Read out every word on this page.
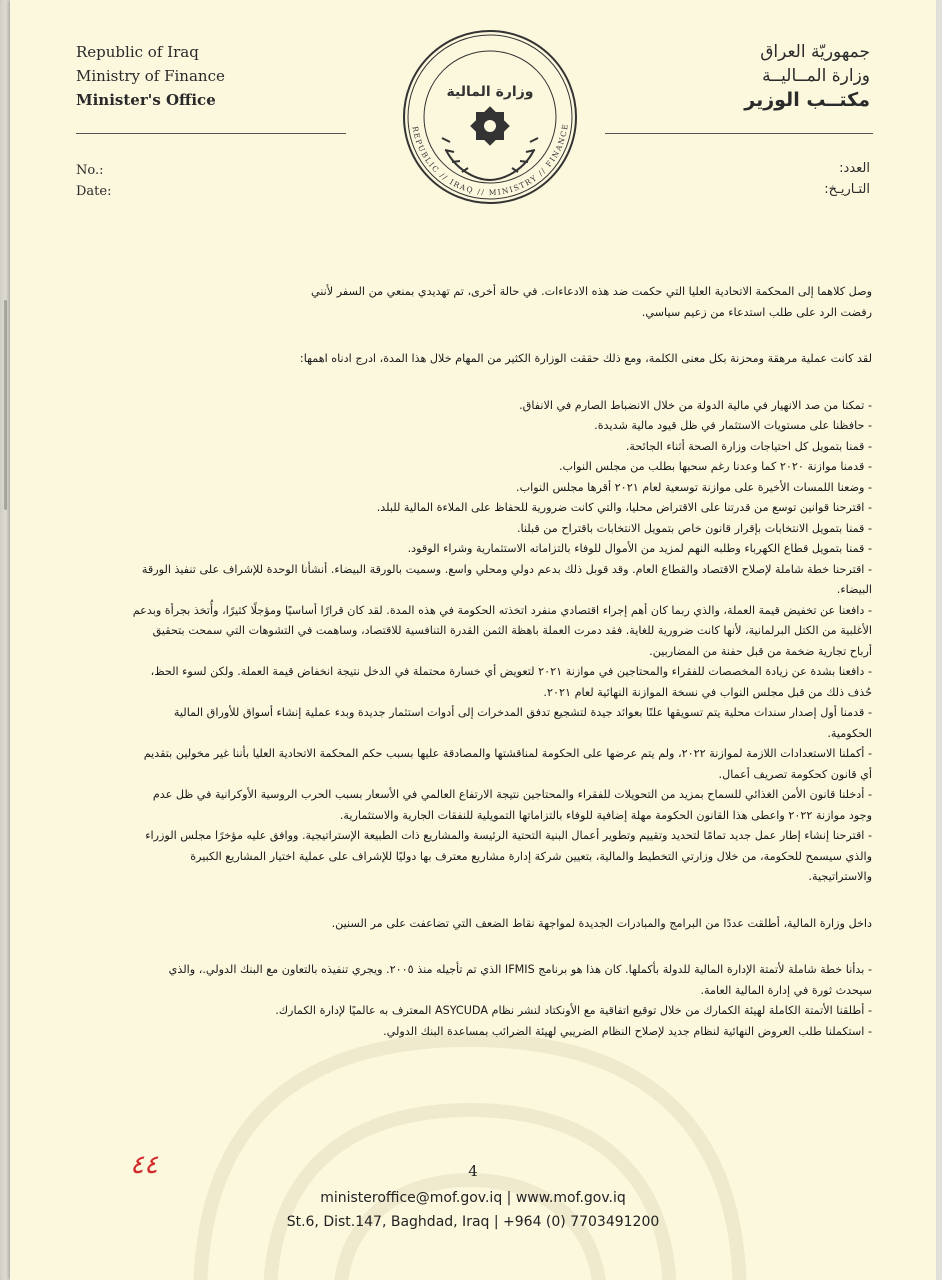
Republic of Iraq
Ministry of Finance
Minister's Office
جمهوريّة العراق
وزارة المــاليــة
مكتــب الوزير
REPUBLIC // IRAQ // MINISTRY // FINANCE
وزارة المالية
No.:
Date:
العدد:
التـاريـخ:

وصل كلاهما إلى المحكمة الاتحادية العليا التي حكمت ضد هذه الادعاءات. في حالة أخرى، تم تهديدي بمنعي من السفر لأنني

رفضت الرد على طلب استدعاء من زعيم سياسي.

لقد كانت عملية مرهقة ومحزنة بكل معنى الكلمة، ومع ذلك حققت الوزارة الكثير من المهام خلال هذا المدة، ادرج ادناه اهمها:

- تمكنا من صد الانهيار في مالية الدولة من خلال الانضباط الصارم في الانفاق.

- حافظنا على مستويات الاستثمار في ظل قيود مالية شديدة.

- قمنا بتمويل كل احتياجات وزارة الصحة أثناء الجائحة.

- قدمنا موازنة ٢٠٢٠ كما وعدنا رغم سحبها بطلب من مجلس النواب.

- وضعنا اللمسات الأخيرة على موازنة توسعية لعام ٢٠٢١ أقرها مجلس النواب.

- اقترحنا قوانين توسع من قدرتنا على الاقتراض محليا، والتي كانت ضرورية للحفاظ على الملاءة المالية للبلد.

- قمنا بتمويل الانتخابات بإقرار قانون خاص بتمويل الانتخابات باقتراح من قبلنا.

- قمنا بتمويل قطاع الكهرباء وطلبه النهم لمزيد من الأموال للوفاء بالتزاماته الاستثمارية وشراء الوقود.

- اقترحنا خطة شاملة لإصلاح الاقتصاد والقطاع العام. وقد قوبل ذلك بدعم دولي ومحلي واسع. وسميت بالورقة البيضاء. أنشأنا الوحدة للإشراف على تنفيذ الورقة البيضاء.

- دافعنا عن تخفيض قيمة العملة، والذي ربما كان أهم إجراء اقتصادي منفرد اتخذته الحكومة في هذه المدة. لقد كان قرارًا أساسيًا ومؤجلًا كثيرًا، وأُتخذ بجرأة وبدعم الأغلبية من الكتل البرلمانية، لأنها كانت ضرورية للغاية. فقد دمرت العملة باهظة الثمن القدرة التنافسية للاقتصاد، وساهمت في التشوهات التي سمحت بتحقيق أرباح تجارية ضخمة من قبل حفنة من المضاربين.

- دافعنا بشدة عن زيادة المخصصات للفقراء والمحتاجين في موازنة ٢٠٢١ لتعويض أي خسارة محتملة في الدخل نتيجة انخفاض قيمة العملة. ولكن لسوء الحظ، حُذف ذلك من قبل مجلس النواب في نسخة الموازنة النهائية لعام ٢٠٢١.

- قدمنا أول إصدار سندات محلية يتم تسويقها علنًا بعوائد جيدة لتشجيع تدفق المدخرات إلى أدوات استثمار جديدة وبدء عملية إنشاء أسواق للأوراق المالية الحكومية.

- أكملنا الاستعدادات اللازمة لموازنة ٢٠٢٢، ولم يتم عرضها على الحكومة لمناقشتها والمصادقة عليها بسبب حكم المحكمة الاتحادية العليا بأننا غير مخولين بتقديم أي قانون كحكومة تصريف أعمال.

- أدخلنا قانون الأمن الغذائي للسماح بمزيد من التحويلات للفقراء والمحتاجين نتيجة الارتفاع العالمي في الأسعار بسبب الحرب الروسية الأوكرانية في ظل عدم وجود موازنة ٢٠٢٢ واعطى هذا القانون الحكومة مهلة إضافية للوفاء بالتزاماتها التمويلية للنفقات الجارية والاستثمارية.

- اقترحنا إنشاء إطار عمل جديد تمامًا لتحديد وتقييم وتطوير أعمال البنية التحتية الرئيسة والمشاريع ذات الطبيعة الإستراتيجية. ووافق عليه مؤخرًا مجلس الوزراء والذي سيسمح للحكومة، من خلال وزارتي التخطيط والمالية، بتعيين شركة إدارة مشاريع معترف بها دوليًا للإشراف على عملية اختيار المشاريع الكبيرة والاستراتيجية.

داخل وزارة المالية، أطلقت عددًا من البرامج والمبادرات الجديدة لمواجهة نقاط الضعف التي تضاعفت على مر السنين.

- بدأنا خطة شاملة لأتمتة الإدارة المالية للدولة بأكملها. كان هذا هو برنامج IFMIS الذي تم تأجيله منذ ٢٠٠٥. ويجري تنفيذه بالتعاون مع البنك الدولي.، والذي سيحدث ثورة في إدارة المالية العامة.

- أطلقنا الأتمتة الكاملة لهيئة الكمارك من خلال توقيع اتفاقية مع الأونكتاد لنشر نظام ASYCUDA المعترف به عالميًا لإدارة الكمارك.

- استكملنا طلب العروض النهائية لنظام جديد لإصلاح النظام الضريبي لهيئة الضرائب بمساعدة البنك الدولي.

٤٤	4
ministeroffice@mof.gov.iq | www.mof.gov.iq
St.6, Dist.147, Baghdad, Iraq | +964 (0) 7703491200
